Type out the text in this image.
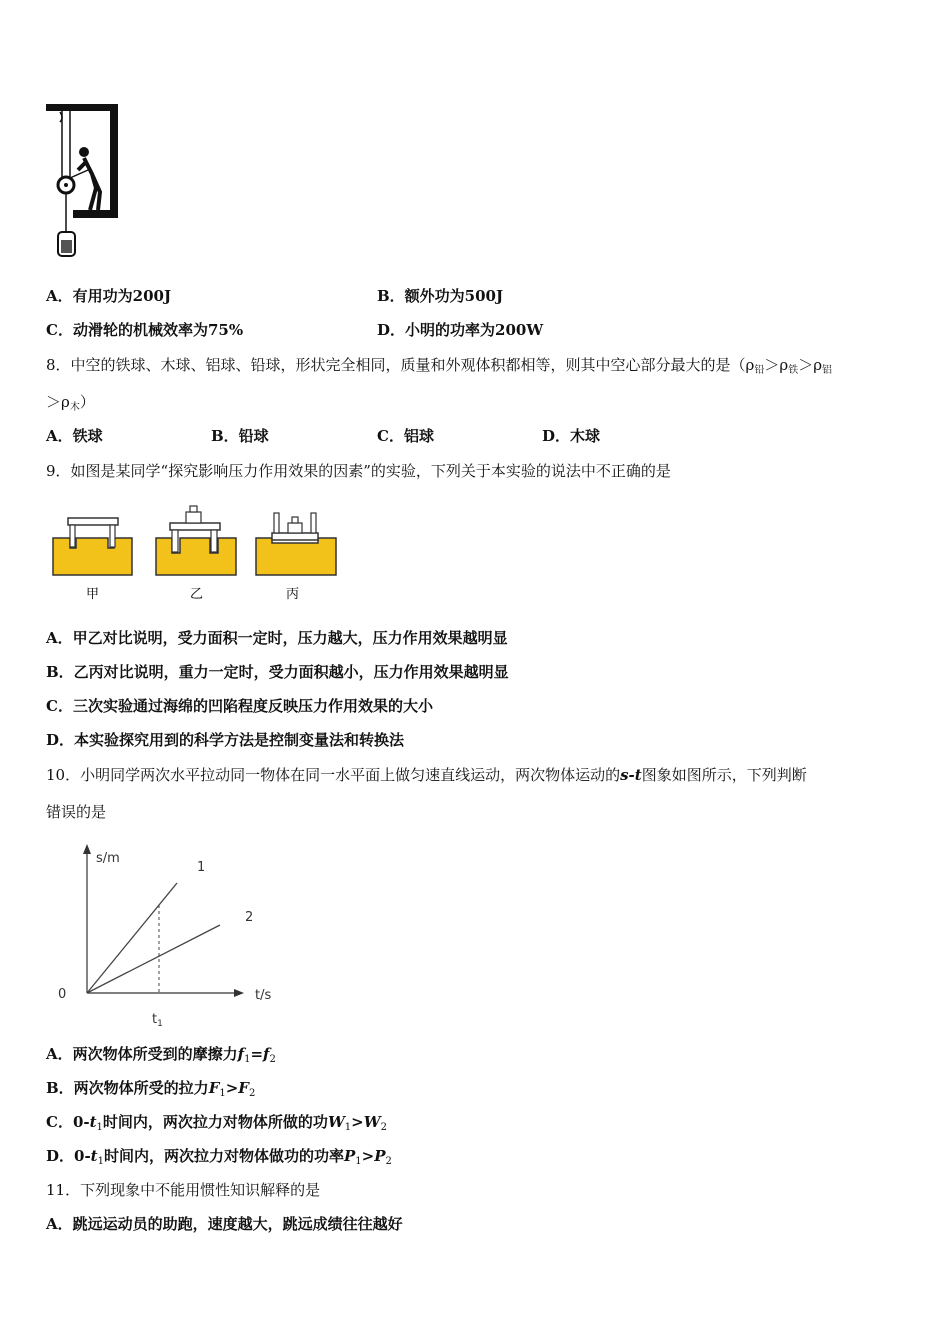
A．有用功为200J	B．额外功为500J
C．动滑轮的机械效率为75%	D．小明的功率为200W
8．中空的铁球、木球、铝球、铅球，形状完全相同，质量和外观体积都相等，则其中空心部分最大的是（$\rho_铅>\rho_铁>\rho_铝$
$>\rho_木$）
A．铁球	B．铅球	C．铝球	D．木球
9．如图是某同学“探究影响压力作用效果的因素”的实验，下列关于本实验的说法中不正确的是
甲	乙	丙
A．甲乙对比说明，受力面积一定时，压力越大，压力作用效果越明显
B．乙丙对比说明，重力一定时，受力面积越小，压力作用效果越明显
C．三次实验通过海绵的凹陷程度反映压力作用效果的大小
D．本实验探究用到的科学方法是控制变量法和转换法
10．小明同学两次水平拉动同一物体在同一水平面上做匀速直线运动，两次物体运动的s-t图象如图所示，下列判断
错误的是
s/m
t/s
0
1
2
$t_1$
A．两次物体所受到的摩擦力$f_1=f_2$
B．两次物体所受的拉力$F_1>F_2$
C．$0-t_1$时间内，两次拉力对物体所做的功$W_1>W_2$
D．$0-t_1$时间内，两次拉力对物体做功的功率$P_1>P_2$
11．下列现象中不能用惯性知识解释的是
A．跳远运动员的助跑，速度越大，跳远成绩往往越好
